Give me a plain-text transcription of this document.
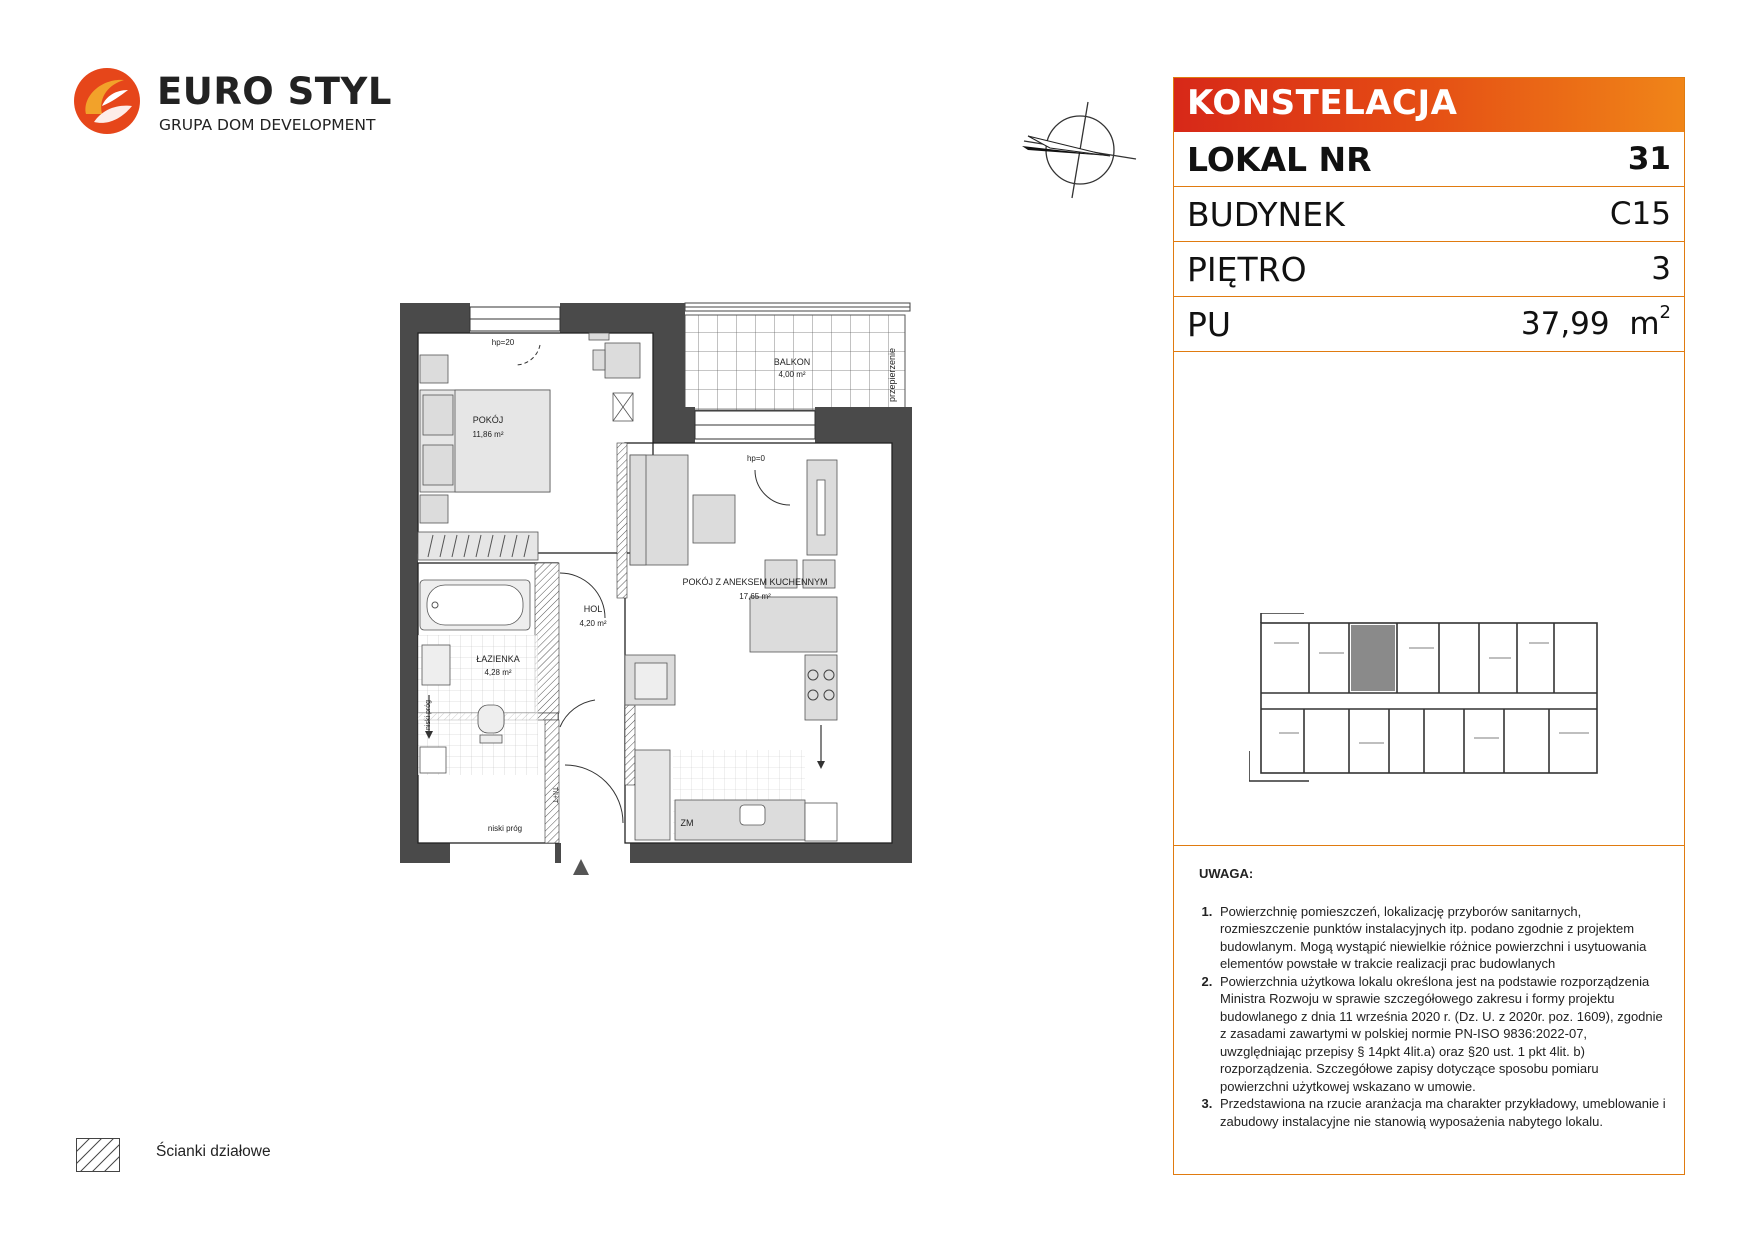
EURO STYL
GRUPA DOM DEVELOPMENT
POKÓJ
11,86 m²
BALKON
4,00 m²
POKÓJ Z ANEKSEM KUCHENNYM
17,65 m²
HOL
4,20 m²
ŁAZIENKA
4,28 m²
hp=20
hp=0
przepierzenie
niski próg
niski próg
ZM
T/I+T
KONSTELACJA
LOKAL NR	31
BUDYNEK	C15
PIĘTRO	3
PU	37,99 $m^2$
UWAGA:
1. Powierzchnię pomieszczeń, lokalizację przyborów sanitarnych, rozmieszczenie punktów instalacyjnych itp. podano zgodnie z projektem budowlanym. Mogą wystąpić niewielkie różnice powierzchni i usytuowania elementów powstałe w trakcie realizacji prac budowlanych
2. Powierzchnia użytkowa lokalu określona jest na podstawie rozporządzenia Ministra Rozwoju w sprawie szczegółowego zakresu i formy projektu budowlanego z dnia 11 września 2020 r. (Dz. U. z 2020r. poz. 1609), zgodnie z zasadami zawartymi w polskiej normie PN-ISO 9836:2022-07, uwzględniając przepisy § 14pkt 4lit.a) oraz §20 ust. 1 pkt 4lit. b) rozporządzenia. Szczegółowe zapisy dotyczące sposobu pomiaru powierzchni użytkowej wskazano w umowie.
3. Przedstawiona na rzucie aranżacja ma charakter przykładowy, umeblowanie i zabudowy instalacyjne nie stanowią wyposażenia nabytego lokalu.
Ścianki działowe
